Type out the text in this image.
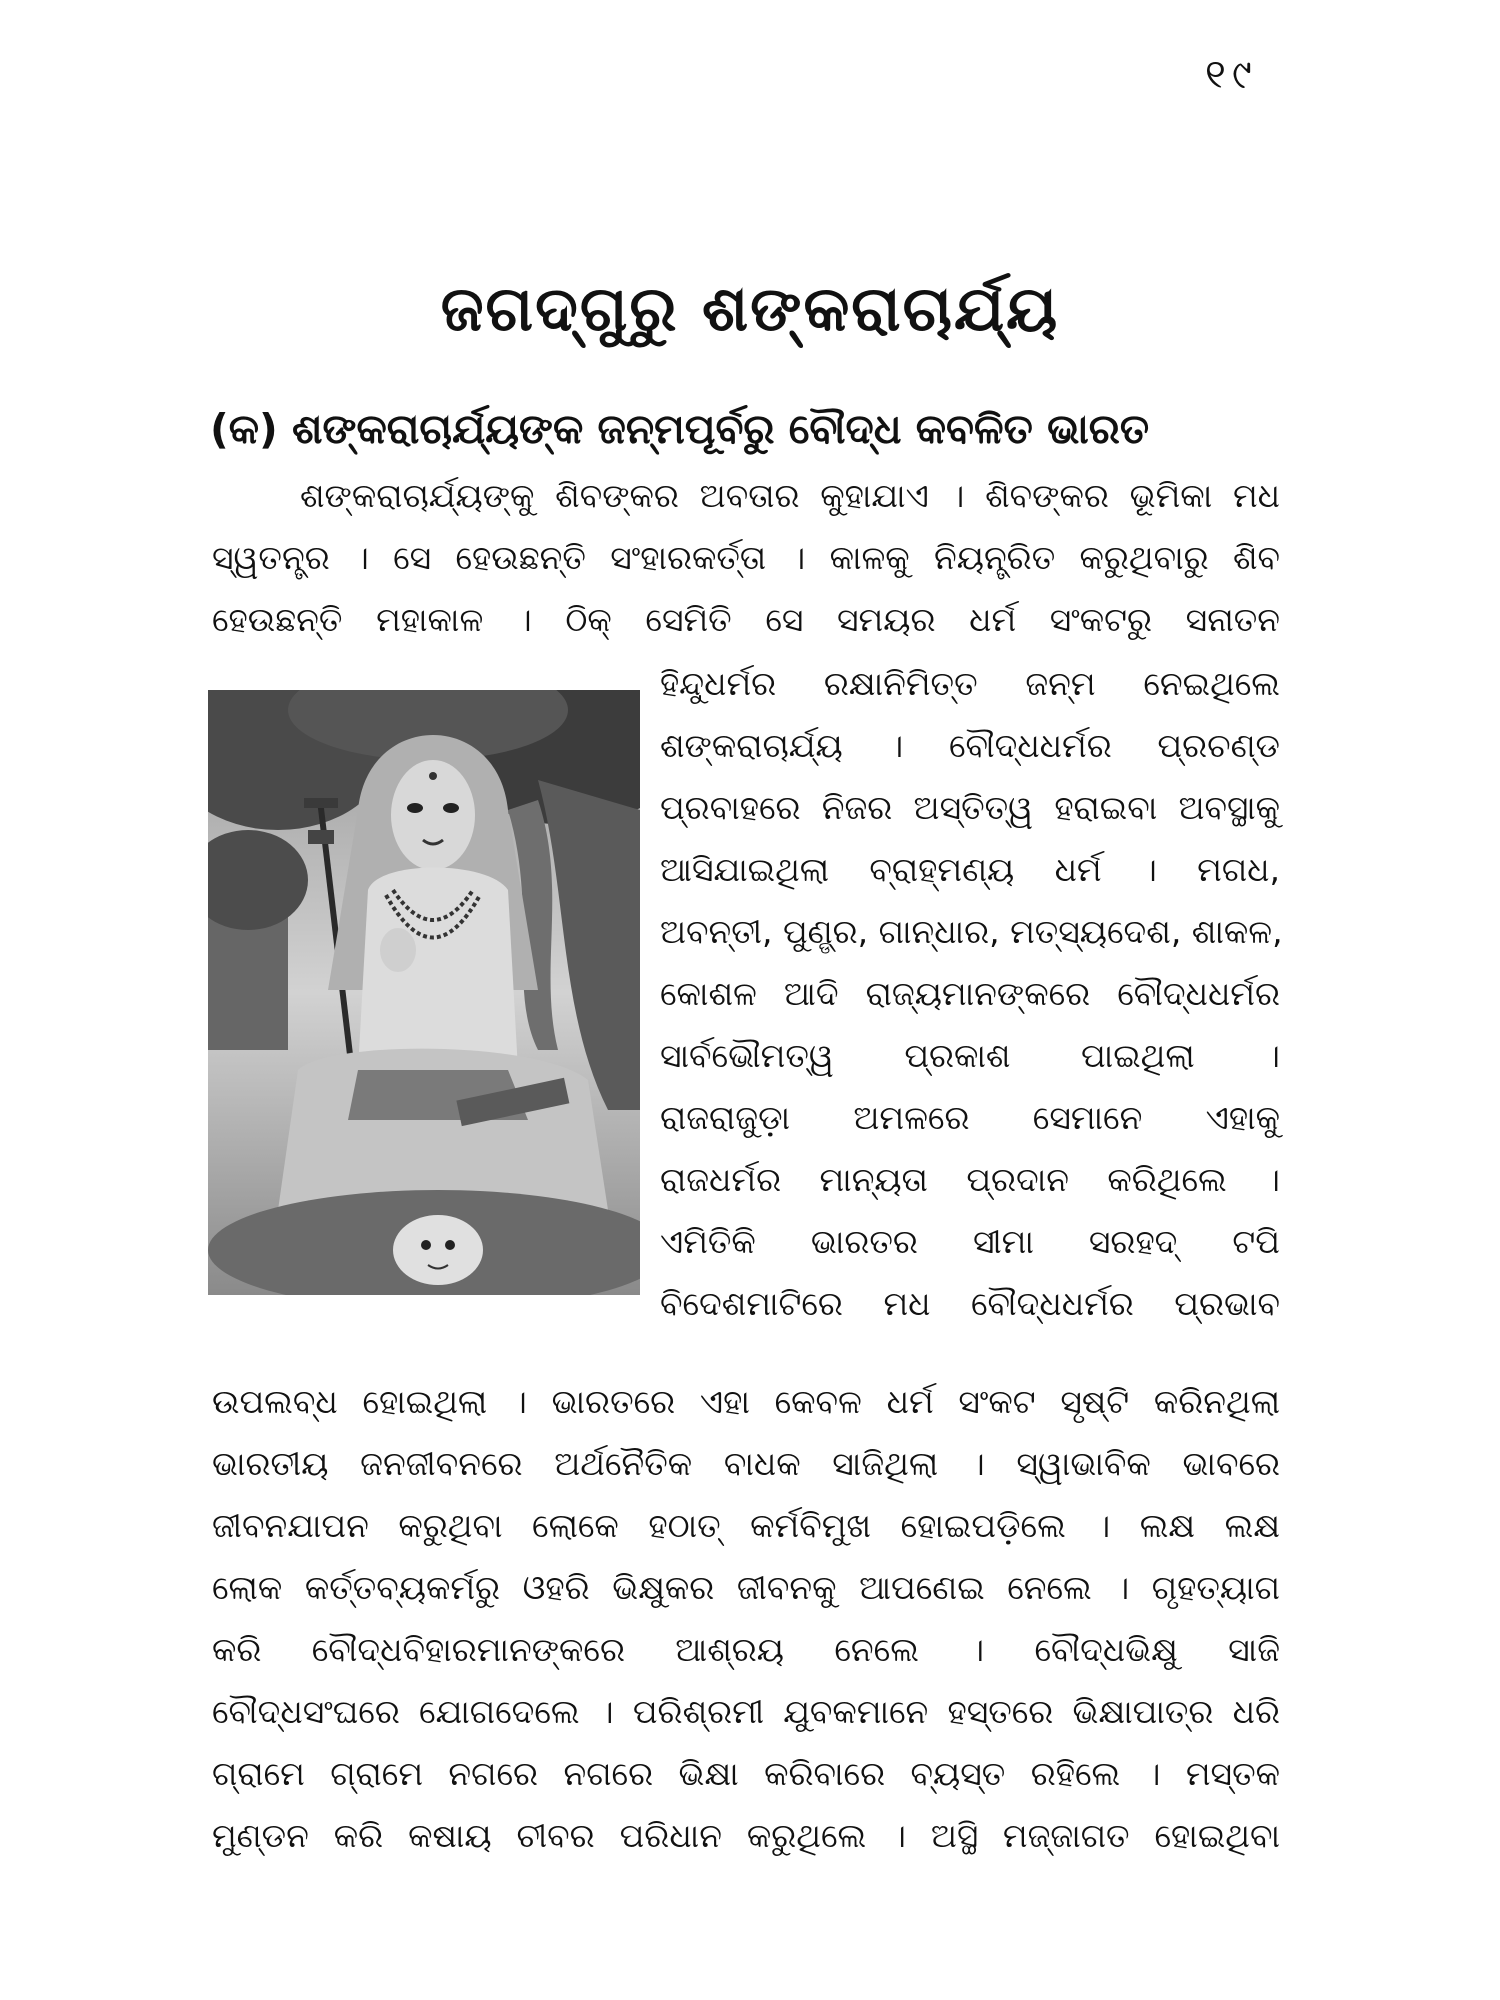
୧୯
ଜଗଦ୍‌ଗୁରୁ ଶଙ୍କରାଚାର୍ଯ୍ୟ
(କ) ଶଙ୍କରାଚାର୍ଯ୍ୟଙ୍କ ଜନ୍ମପୂର୍ବରୁ ବୌଦ୍ଧ କବଳିତ ଭାରତ
ଶଙ୍କରାଚାର୍ଯ୍ୟଙ୍କୁ ଶିବଙ୍କର ଅବତାର କୁହାଯାଏ । ଶିବଙ୍କର ଭୂମିକା ମଧ
ସ୍ୱତନ୍ତ୍ର । ସେ ହେଉଛନ୍ତି ସଂହାରକର୍ତ୍ତା । କାଳକୁ ନିୟନ୍ତ୍ରିତ କରୁଥିବାରୁ ଶିବ
ହେଉଛନ୍ତି ମହାକାଳ । ଠିକ୍ ସେମିତି ସେ ସମୟର ଧର୍ମ ସଂକଟରୁ ସନାତନ
ହିନ୍ଦୁଧର୍ମର ରକ୍ଷାନିମିତ୍ତ ଜନ୍ମ ନେଇଥିଲେ
ଶଙ୍କରାଚାର୍ଯ୍ୟ । ବୌଦ୍ଧଧର୍ମର ପ୍ରଚଣ୍ଡ
ପ୍ରବାହରେ ନିଜର ଅସ୍ତିତ୍ୱ ହରାଇବା ଅବସ୍ଥାକୁ
ଆସିଯାଇଥିଲା ବ୍ରାହ୍ମଣ୍ୟ ଧର୍ମ । ମଗଧ,
ଅବନ୍ତୀ, ପୁଣ୍ଡ୍ର, ଗାନ୍ଧାର, ମତ୍ସ୍ୟଦେଶ, ଶାକଳ,
କୋଶଳ ଆଦି ରାଜ୍ୟମାନଙ୍କରେ ବୌଦ୍ଧଧର୍ମର
ସାର୍ବଭୌମତ୍ୱ ପ୍ରକାଶ ପାଇଥିଲା ।
ରାଜରାଜୁଡ଼ା ଅମଳରେ ସେମାନେ ଏହାକୁ
ରାଜଧର୍ମର ମାନ୍ୟତା ପ୍ରଦାନ କରିଥିଲେ ।
ଏମିତିକି ଭାରତର ସୀମା ସରହଦ୍ ଟପି
ବିଦେଶମାଟିରେ ମଧ ବୌଦ୍ଧଧର୍ମର ପ୍ରଭାବ
ଉପଲବ୍ଧ ହୋଇଥିଲା । ଭାରତରେ ଏହା କେବଳ ଧର୍ମ ସଂକଟ ସୃଷ୍ଟି କରିନଥିଲା
ଭାରତୀୟ ଜନଜୀବନରେ ଅର୍ଥନୈତିକ ବାଧକ ସାଜିଥିଲା । ସ୍ୱାଭାବିକ ଭାବରେ
ଜୀବନଯାପନ କରୁଥିବା ଲୋକେ ହଠାତ୍ କର୍ମବିମୁଖ ହୋଇପଡ଼ିଲେ । ଲକ୍ଷ ଲକ୍ଷ
ଲୋକ କର୍ତ୍ତବ୍ୟକର୍ମରୁ ଓହରି ଭିକ୍ଷୁକର ଜୀବନକୁ ଆପଣେଇ ନେଲେ । ଗୃହତ୍ୟାଗ
କରି ବୌଦ୍ଧବିହାରମାନଙ୍କରେ ଆଶ୍ରୟ ନେଲେ । ବୌଦ୍ଧଭିକ୍ଷୁ ସାଜି
ବୌଦ୍ଧସଂଘରେ ଯୋଗଦେଲେ । ପରିଶ୍ରମୀ ଯୁବକମାନେ ହସ୍ତରେ ଭିକ୍ଷାପାତ୍ର ଧରି
ଗ୍ରାମେ ଗ୍ରାମେ ନଗରେ ନଗରେ ଭିକ୍ଷା କରିବାରେ ବ୍ୟସ୍ତ ରହିଲେ । ମସ୍ତକ
ମୁଣ୍ଡନ କରି କଷାୟ ଚୀବର ପରିଧାନ କରୁଥିଲେ । ଅସ୍ଥି ମଜ୍ଜାଗତ ହୋଇଥିବା
